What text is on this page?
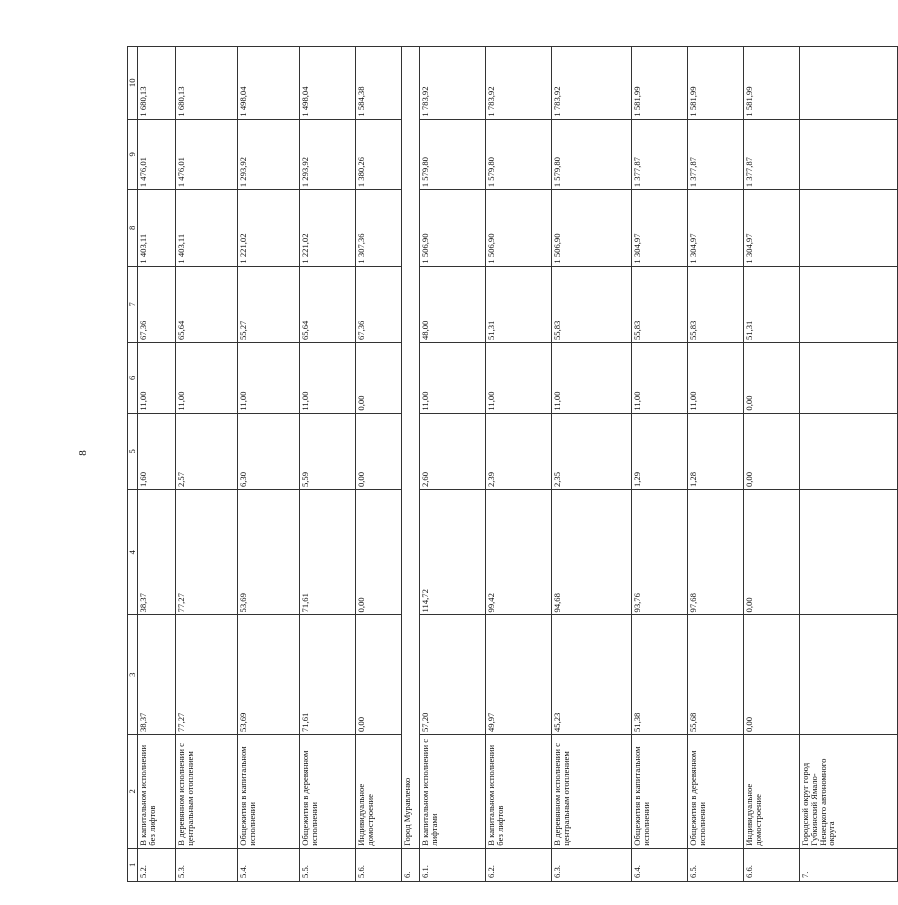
8
1	2	3	4	5	6	7	8	9	10
5.2.	В капитальном исполнении без лифтов	38,37	38,37	1,60	11,00	67,36	1 403,11	1 476,01	1 680,13
5.3.	В деревянном исполнении с центральным отоплением	77,27	77,27	2,57	11,00	65,64	1 403,11	1 476,01	1 680,13
5.4.	Общежития в капитальном исполнении	53,69	53,69	6,30	11,00	55,27	1 221,02	1 293,92	1 498,04
5.5.	Общежития в деревянном исполнении	71,61	71,61	5,59	11,00	65,64	1 221,02	1 293,92	1 498,04
5.6.	Индивидуальное домостроение	0,00	0,00	0,00	0,00	67,36	1 307,36	1 380,26	1 584,38
6.	Город Муравленко								
6.1.	В капитальном исполнении с лифтами	57,20	114,72	2,60	11,00	48,00	1 506,90	1 579,80	1 783,92
6.2.	В капитальном исполнении без лифтов	49,97	99,42	2,39	11,00	51,31	1 506,90	1 579,80	1 783,92
6.3.	В деревянном исполнении с центральным отоплением	45,23	94,68	2,35	11,00	55,83	1 506,90	1 579,80	1 783,92
6.4.	Общежития в капитальном исполнении	51,38	93,76	1,29	11,00	55,83	1 304,97	1 377,87	1 581,99
6.5.	Общежития в деревянном исполнении	55,68	97,68	1,28	11,00	55,83	1 304,97	1 377,87	1 581,99
6.6.	Индивидуальное домостроение	0,00	0,00	0,00	0,00	51,31	1 304,97	1 377,87	1 581,99
7.	Городской округ город Губкинский Ямало-Ненецкого автономного округа								
